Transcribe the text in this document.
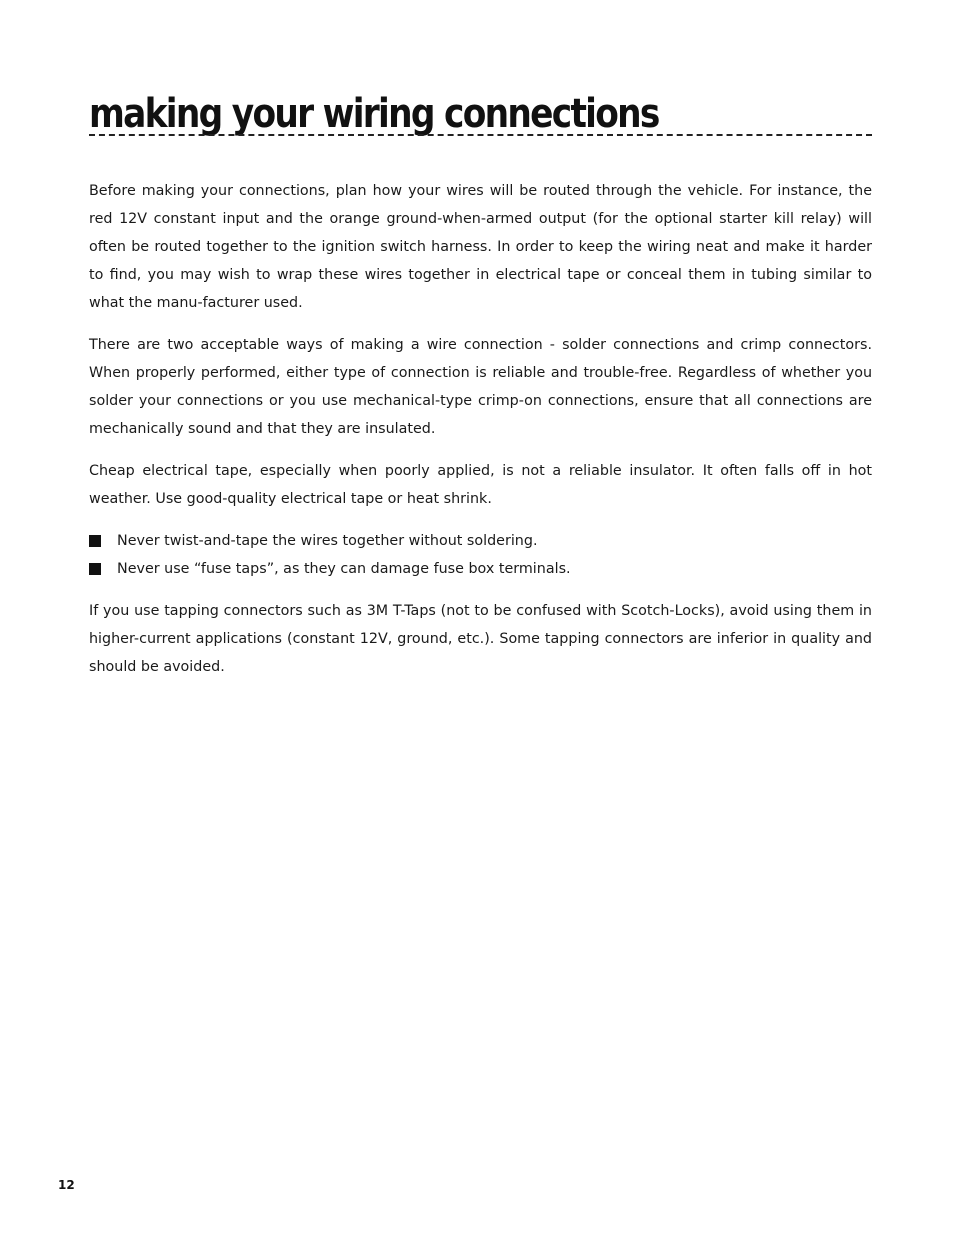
making your wiring connections

Before making your connections, plan how your wires will be routed through the vehicle. For instance, the red 12V constant input and the orange ground-when-armed output (for the optional starter kill relay) will often be routed together to the ignition switch harness. In order to keep the wiring neat and make it harder to find, you may wish to wrap these wires together in electrical tape or conceal them in tubing similar to what the manu-facturer used.

There are two acceptable ways of making a wire connection - solder connections and crimp connectors. When properly performed, either type of connection is reliable and trouble-free. Regardless of whether you solder your connections or you use mechanical-type crimp-on connections, ensure that all connections are mechanically sound and that they are insulated.

Cheap electrical tape, especially when poorly applied, is not a reliable insulator. It often falls off in hot weather. Use good-quality electrical tape or heat shrink.

Never twist-and-tape the wires together without soldering.
Never use “fuse taps”, as they can damage fuse box terminals.

If you use tapping connectors such as 3M T-Taps (not to be confused with Scotch-Locks), avoid using them in higher-current applications (constant 12V, ground, etc.). Some tapping connectors are inferior in quality and should be avoided.

12
